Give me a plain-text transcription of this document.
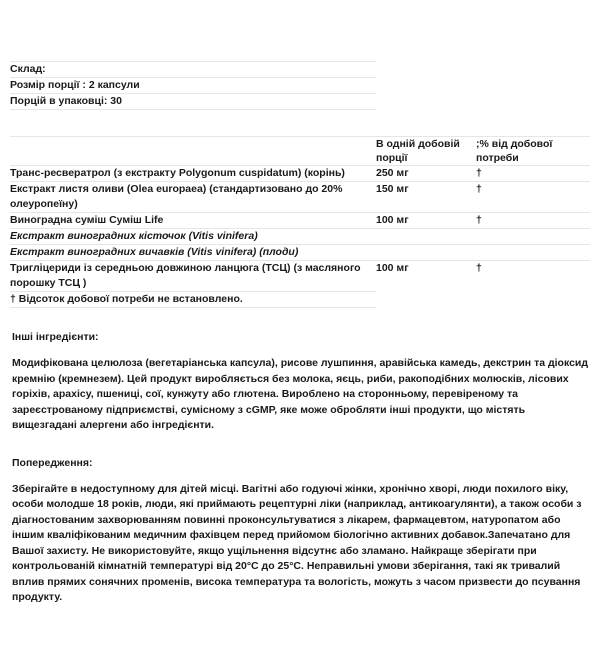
Склад:		
Розмір порції : 2 капсули		
Порцій в упаковці: 30		

	В одній добовій порції	;% від добової потреби
Транс-ресвератрол (з екстракту Polygonum cuspidatum) (корінь)	250 мг	†
Екстракт листя оливи (Olea europaea) (стандартизовано до 20% олеуропеїну)	150 мг	†
Виноградна суміш Суміш Life	100 мг	†
Екстракт виноградних кісточок (Vitis vinifera)		
Екстракт виноградних вичавків (Vitis vinifera) (плоди)		
Тригліцериди із середньою довжиною ланцюга (ТСЦ) (з масляного порошку ТСЦ )	100 мг	†
† Відсоток добової потреби не встановлено.		

Інші інгредієнти:
Модифікована целюлоза (вегетаріанська капсула), рисове лушпиння, аравійська камедь, декстрин та діоксид кремнію (кремнезем). Цей продукт виробляється без молока, яєць, риби, ракоподібних молюсків, лісових горіхів, арахісу, пшениці, сої, кунжуту або глютена. Вироблено на сторонньому, перевіреному та зареєстрованому підприємстві, сумісному з cGMP, яке може обробляти інші продукти, що містять вищезгадані алергени або інгредієнти.
Попередження:
Зберігайте в недоступному для дітей місці. Вагітні або годуючі жінки, хронічно хворі, люди похилого віку, особи молодше 18 років, люди, які приймають рецептурні ліки (наприклад, антикоагулянти), а також особи з діагностованим захворюванням повинні проконсультуватися з лікарем, фармацевтом, натуропатом або іншим кваліфікованим медичним фахівцем перед прийомом біологічно активних добавок.Запечатано для Вашої захисту. Не використовуйте, якщо ущільнення відсутнє або зламано. Найкраще зберігати при контрольованій кімнатній температурі від 20°С до 25°С. Неправильні умови зберігання, такі як тривалий вплив прямих сонячних променів, висока температура та вологість, можуть з часом призвести до псування продукту.
